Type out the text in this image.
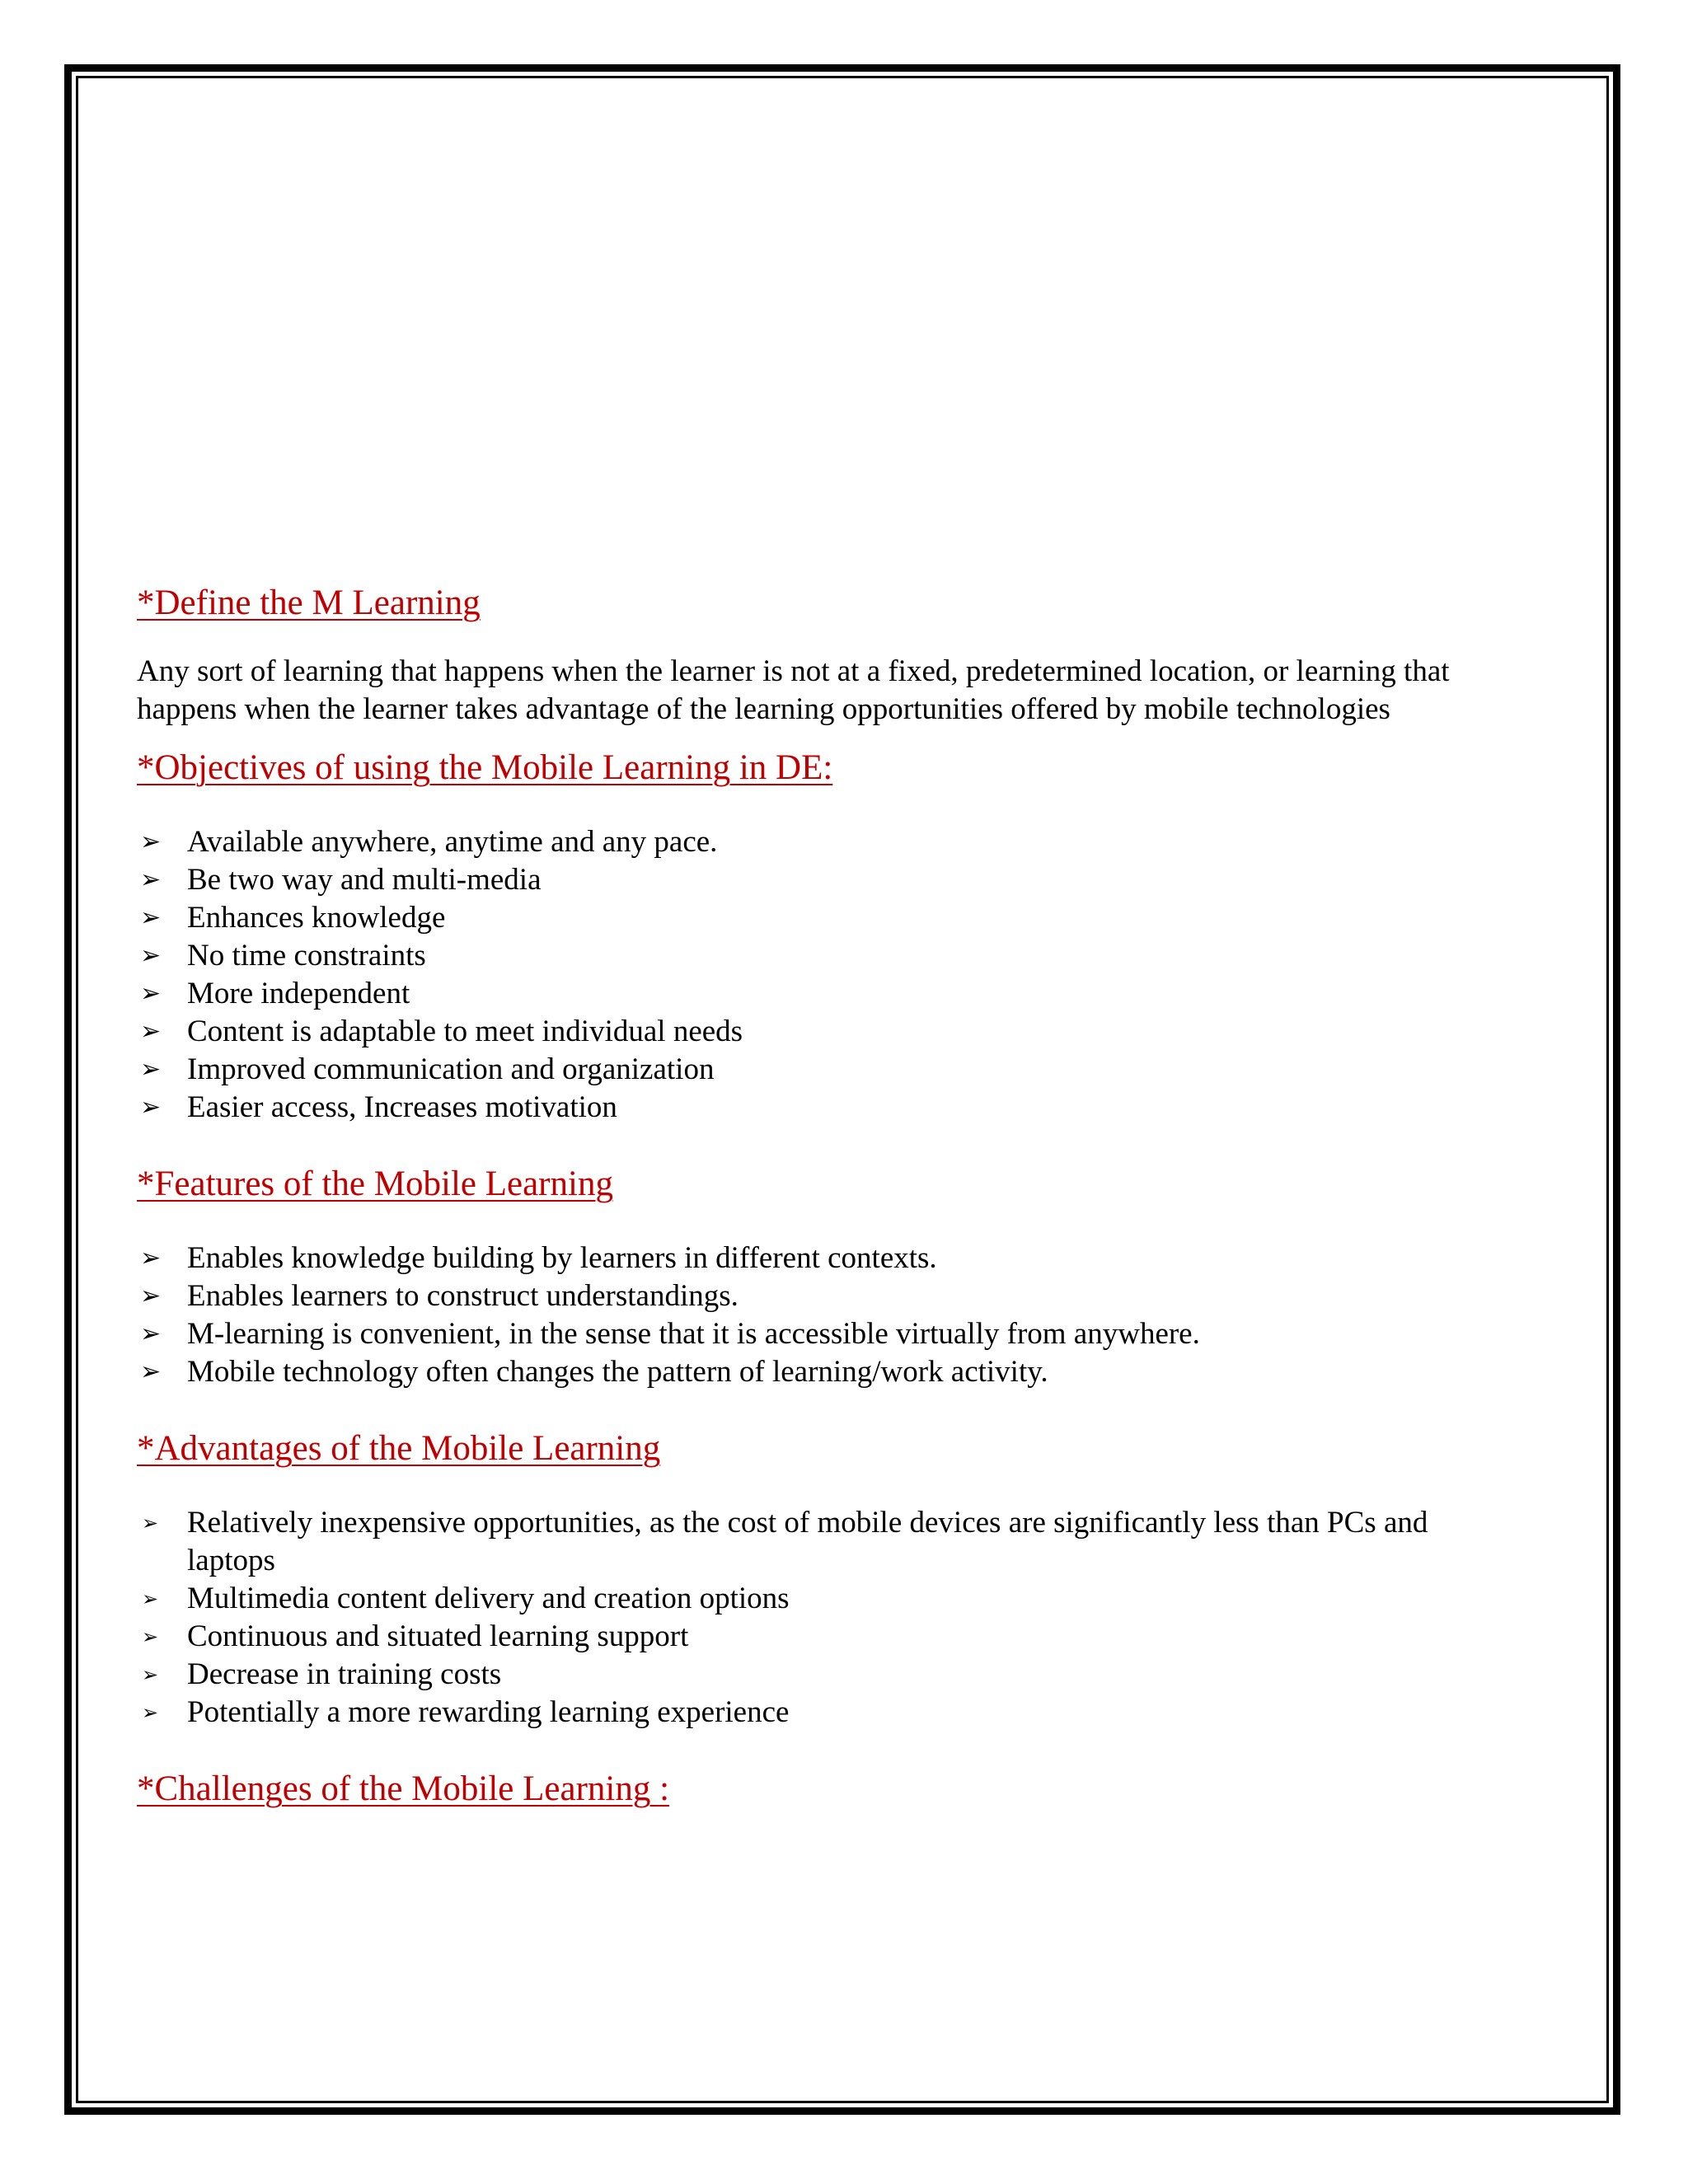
*Define the M Learning

Any sort of learning that happens when the learner is not at a fixed, predetermined location, or learning that happens when the learner takes advantage of the learning opportunities offered by mobile technologies

*Objectives of using the Mobile Learning in DE:
➢ Available anywhere, anytime and any pace.
➢ Be two way and multi-media
➢ Enhances knowledge
➢ No time constraints
➢ More independent
➢ Content is adaptable to meet individual needs
➢ Improved communication and organization
➢ Easier access, Increases motivation
*Features of the Mobile Learning
➢ Enables knowledge building by learners in different contexts.
➢ Enables learners to construct understandings.
➢ M-learning is convenient, in the sense that it is accessible virtually from anywhere.
➢ Mobile technology often changes the pattern of learning/work activity.
*Advantages of the Mobile Learning
➢ Relatively inexpensive opportunities, as the cost of mobile devices are significantly less than PCs and laptops
➢ Multimedia content delivery and creation options
➢ Continuous and situated learning support
➢ Decrease in training costs
➢ Potentially a more rewarding learning experience
*Challenges of the Mobile Learning :
